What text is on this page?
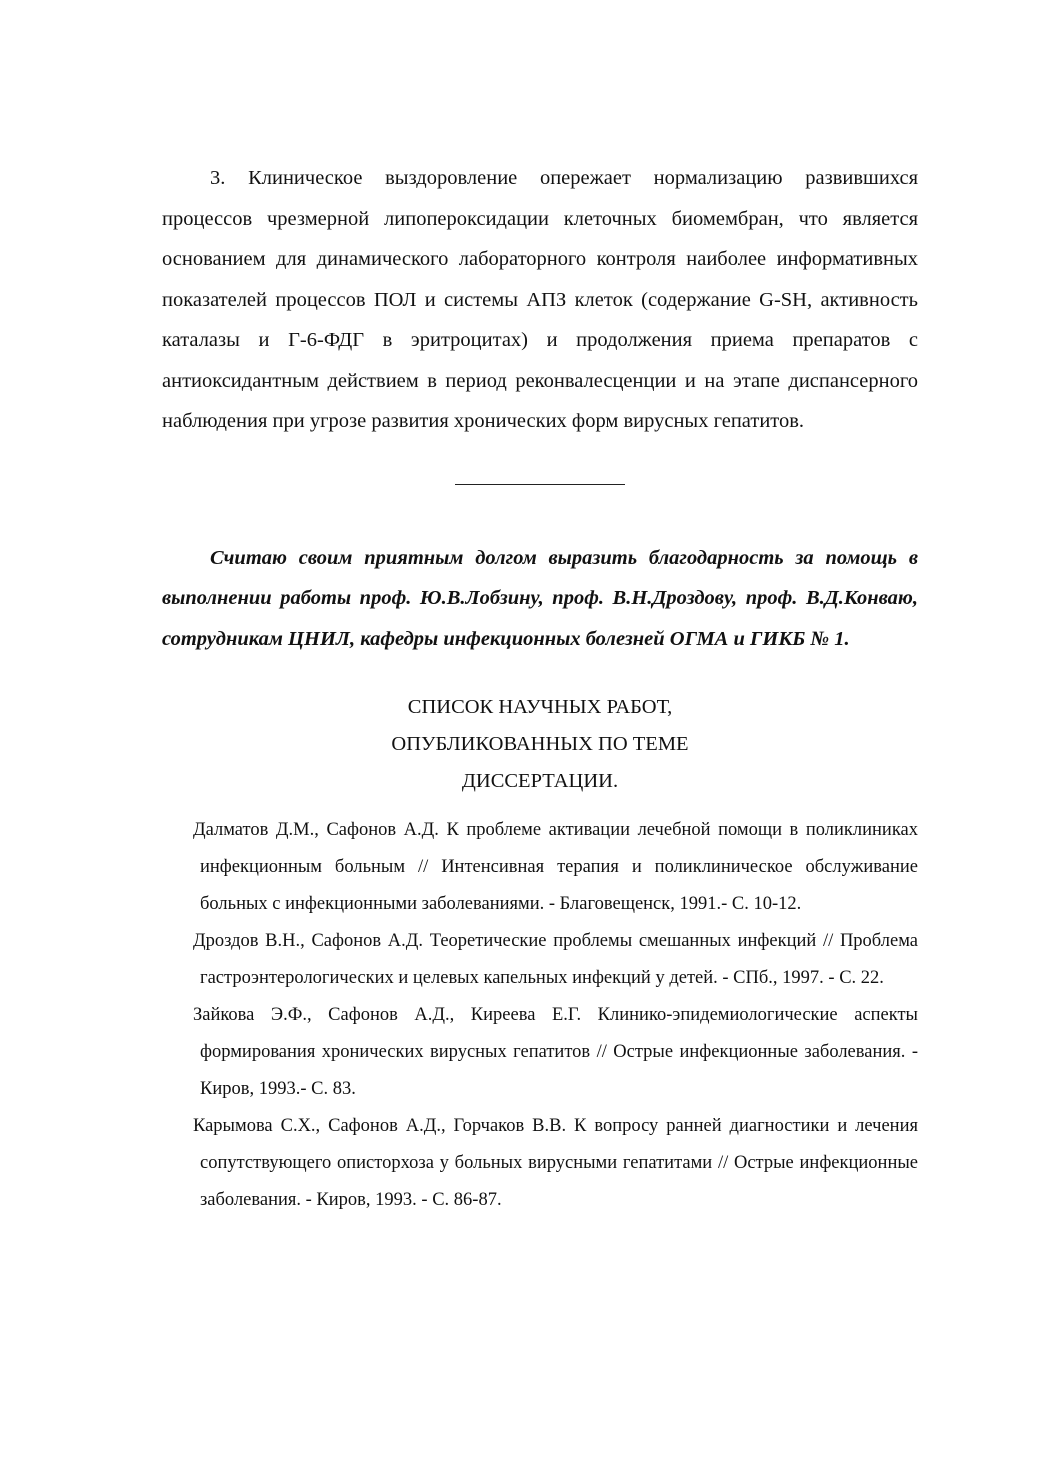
3. Клиническое выздоровление опережает нормализацию развившихся процессов чрезмерной липопероксидации клеточных биомембран, что является основанием для динамического лабораторного контроля наиболее информативных показателей процессов ПОЛ и системы АПЗ клеток (содержание G-SH, активность каталазы и Г-6-ФДГ в эритроцитах) и продолжения приема препаратов с антиоксидантным действием в период реконвалесценции и на этапе диспансерного наблюдения при угрозе развития хронических форм вирусных гепатитов.

Считаю своим приятным долгом выразить благодарность за помощь в выполнении работы проф. Ю.В.Лобзину, проф. В.Н.Дроздову, проф. В.Д.Конваю, сотрудникам ЦНИЛ, кафедры инфекционных болезней ОГМА и ГИКБ № 1.

СПИСОК НАУЧНЫХ РАБОТ,
ОПУБЛИКОВАННЫХ ПО ТЕМЕ
ДИССЕРТАЦИИ.

Далматов Д.М., Сафонов А.Д. К проблеме активации лечебной помощи в поликлиниках инфекционным больным // Интенсивная терапия и поликлиническое обслуживание больных с инфекционными заболеваниями. - Благовещенск, 1991.- С. 10-12.

Дроздов В.Н., Сафонов А.Д. Теоретические проблемы смешанных инфекций // Проблема гастроэнтерологических и целевых капельных инфекций у детей. - СПб., 1997. - С. 22.

Зайкова Э.Ф., Сафонов А.Д., Киреева Е.Г. Клинико-эпидемиологические аспекты формирования хронических вирусных гепатитов // Острые инфекционные заболевания. - Киров, 1993.- С. 83.

Карымова С.Х., Сафонов А.Д., Горчаков В.В. К вопросу ранней диагностики и лечения сопутствующего описторхоза у больных вирусными гепатитами // Острые инфекционные заболевания. - Киров, 1993. - С. 86-87.
